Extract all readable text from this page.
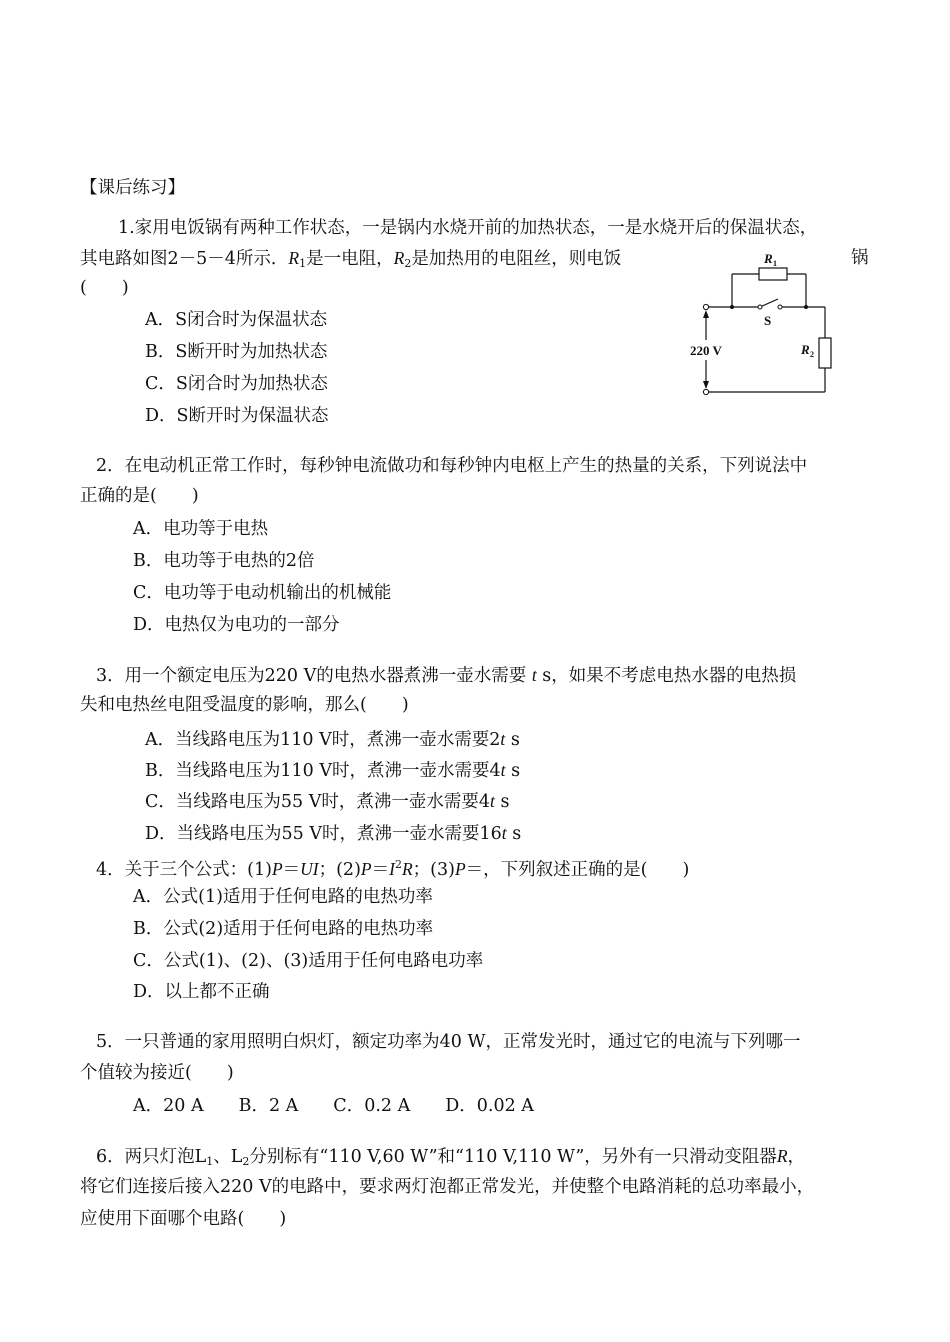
【课后练习】
1.家用电饭锅有两种工作状态，一是锅内水烧开前的加热状态，一是水烧开后的保温状态，
其电路如图2－5－4所示．$R_1$是一电阻，$R_2$是加热用的电阻丝，则电饭	锅
(　　)
A．S闭合时为保温状态
B．S断开时为加热状态
C．S闭合时为加热状态
D．S断开时为保温状态
R 1
S
R 2
220 V
2．在电动机正常工作时，每秒钟电流做功和每秒钟内电枢上产生的热量的关系，下列说法中
正确的是(　　)
A．电功等于电热
B．电功等于电热的2倍
C．电功等于电动机输出的机械能
D．电热仅为电功的一部分
3．用一个额定电压为220 V的电热水器煮沸一壶水需要 t s，如果不考虑电热水器的电热损
失和电热丝电阻受温度的影响，那么(　　)
A．当线路电压为110 V时，煮沸一壶水需要2t s
B．当线路电压为110 V时，煮沸一壶水需要4t s
C．当线路电压为55 V时，煮沸一壶水需要4t s
D．当线路电压为55 V时，煮沸一壶水需要16t s
4．关于三个公式：(1)P＝UI；$(2)P=I^2R$；(3)P＝，下列叙述正确的是(　　)
A．公式(1)适用于任何电路的电热功率
B．公式(2)适用于任何电路的电热功率
C．公式(1)、(2)、(3)适用于任何电路电功率
D．以上都不正确
5．一只普通的家用照明白炽灯，额定功率为40 W，正常发光时，通过它的电流与下列哪一
个值较为接近(　　)
A．20 A　　B．2 A　　C．0.2 A　　D．0.02 A
6．两只灯泡$L_1$、$L_2$分别标有“110 V,60 W”和“110 V,110 W”，另外有一只滑动变阻器R，
将它们连接后接入220 V的电路中，要求两灯泡都正常发光，并使整个电路消耗的总功率最小，
应使用下面哪个电路(　　)
